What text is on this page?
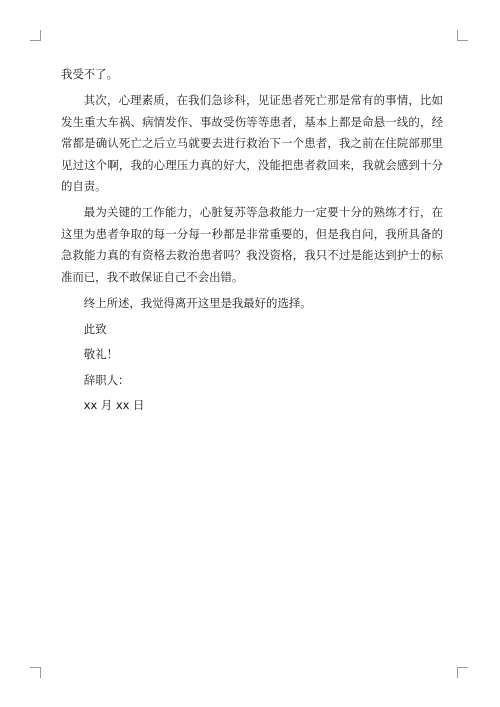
我受不了。

其次，心理素质，在我们急诊科，见证患者死亡那是常有的事情，比如发生重大车祸、病情发作、事故受伤等等患者，基本上都是命悬一线的，经常都是确认死亡之后立马就要去进行救治下一个患者，我之前在住院部那里见过这个啊，我的心理压力真的好大，没能把患者救回来，我就会感到十分的自责。

最为关键的工作能力，心脏复苏等急救能力一定要十分的熟练才行，在这里为患者争取的每一分每一秒都是非常重要的，但是我自问，我所具备的急救能力真的有资格去救治患者吗？我没资格，我只不过是能达到护士的标准而已，我不敢保证自己不会出错。

终上所述，我觉得离开这里是我最好的选择。

此致

敬礼！

辞职人：

xx 月 xx 日
